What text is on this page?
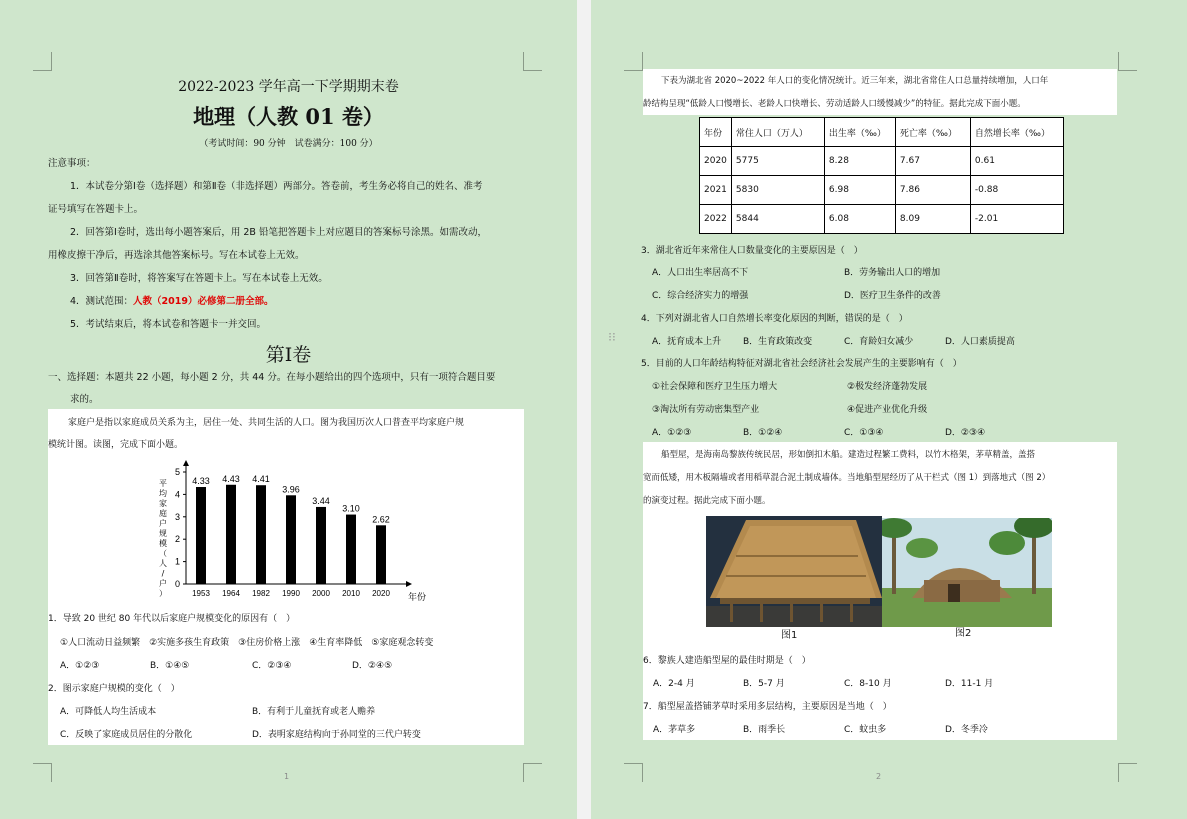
2022-2023 学年高一下学期期末卷
地理（人教 01 卷）
（考试时间：90 分钟　试卷满分：100 分）
注意事项：
1．本试卷分第Ⅰ卷（选择题）和第Ⅱ卷（非选择题）两部分。答卷前，考生务必将自己的姓名、准考
证号填写在答题卡上。
2．回答第Ⅰ卷时，选出每小题答案后，用 2B 铅笔把答题卡上对应题目的答案标号涂黑。如需改动，
用橡皮擦干净后，再选涂其他答案标号。写在本试卷上无效。
3．回答第Ⅱ卷时，将答案写在答题卡上。写在本试卷上无效。
4．测试范围：人教（2019）必修第二册全部。
5．考试结束后，将本试卷和答题卡一并交回。
第Ⅰ卷
一、选择题：本题共 22 小题，每小题 2 分，共 44 分。在每小题给出的四个选项中，只有一项符合题目要
求的。
家庭户是指以家庭成员关系为主，居住一处、共同生活的人口。图为我国历次人口普查平均家庭户规
模统计图。读图，完成下面小题。
0
1
2
3
4
5
平
均
家
庭
户
规
模
（
人
/
户
）
4.33
1953
4.43
1964
4.41
1982
3.96
1990
3.44
2000
3.10
2010
2.62
2020 年份
1．导致 20 世纪 80 年代以后家庭户规模变化的原因有（　）
①人口流动日益频繁　②实施多孩生育政策　③住房价格上涨　④生育率降低　⑤家庭观念转变
A．①②③	B．①④⑤	C．②③④	D．②④⑤
2．图示家庭户规模的变化（　）
A．可降低人均生活成本	B．有利于儿童抚育或老人赡养
C．反映了家庭成员居住的分散化	D．表明家庭结构向于孙同堂的三代户转变
1
下表为湖北省 2020~2022 年人口的变化情况统计。近三年来，湖北省常住人口总量持续增加，人口年
龄结构呈现“低龄人口慢增长、老龄人口快增长、劳动适龄人口缓慢减少”的特征。据此完成下面小题。
年份	常住人口（万人）	出生率（‰）	死亡率（‰）	自然增长率（‰）
2020	5775	8.28	7.67	0.61
2021	5830	6.98	7.86	-0.88
2022	5844	6.08	8.09	-2.01
3．湖北省近年来常住人口数量变化的主要原因是（　）
A．人口出生率居高不下	B．劳务输出人口的增加
C．综合经济实力的增强	D．医疗卫生条件的改善
4．下列对湖北省人口自然增长率变化原因的判断，错误的是（　）
A．抚育成本上升 B．生育政策改变	C．育龄妇女减少	D．人口素质提高
5．目前的人口年龄结构特征对湖北省社会经济社会发展产生的主要影响有（　）
①社会保障和医疗卫生压力增大	②极发经济蓬勃发展
③淘汰所有劳动密集型产业	④促进产业优化升级
A．①②③	B．①②④	C．①③④	D．②③④
船型屋，是海南岛黎族传统民居，形如倒扣木船。建造过程繁工费料，以竹木格架，茅草精盖，盖搭
宽而低矮，用木板隔墙或者用稻草混合泥土制成墙体。当地船型屋经历了从干栏式（图 1）到落地式（图 2）
的演变过程。据此完成下面小题。
图1	图2
6．黎族人建造船型屋的最佳时期是（　）
A．2-4 月	B．5-7 月	C．8-10 月	D．11-1 月
7．船型屋盖搭铺茅草时采用多层结构，主要原因是当地（　）
A．茅草多	B．雨季长	C．蚊虫多	D．冬季冷
2
⁝⁝
